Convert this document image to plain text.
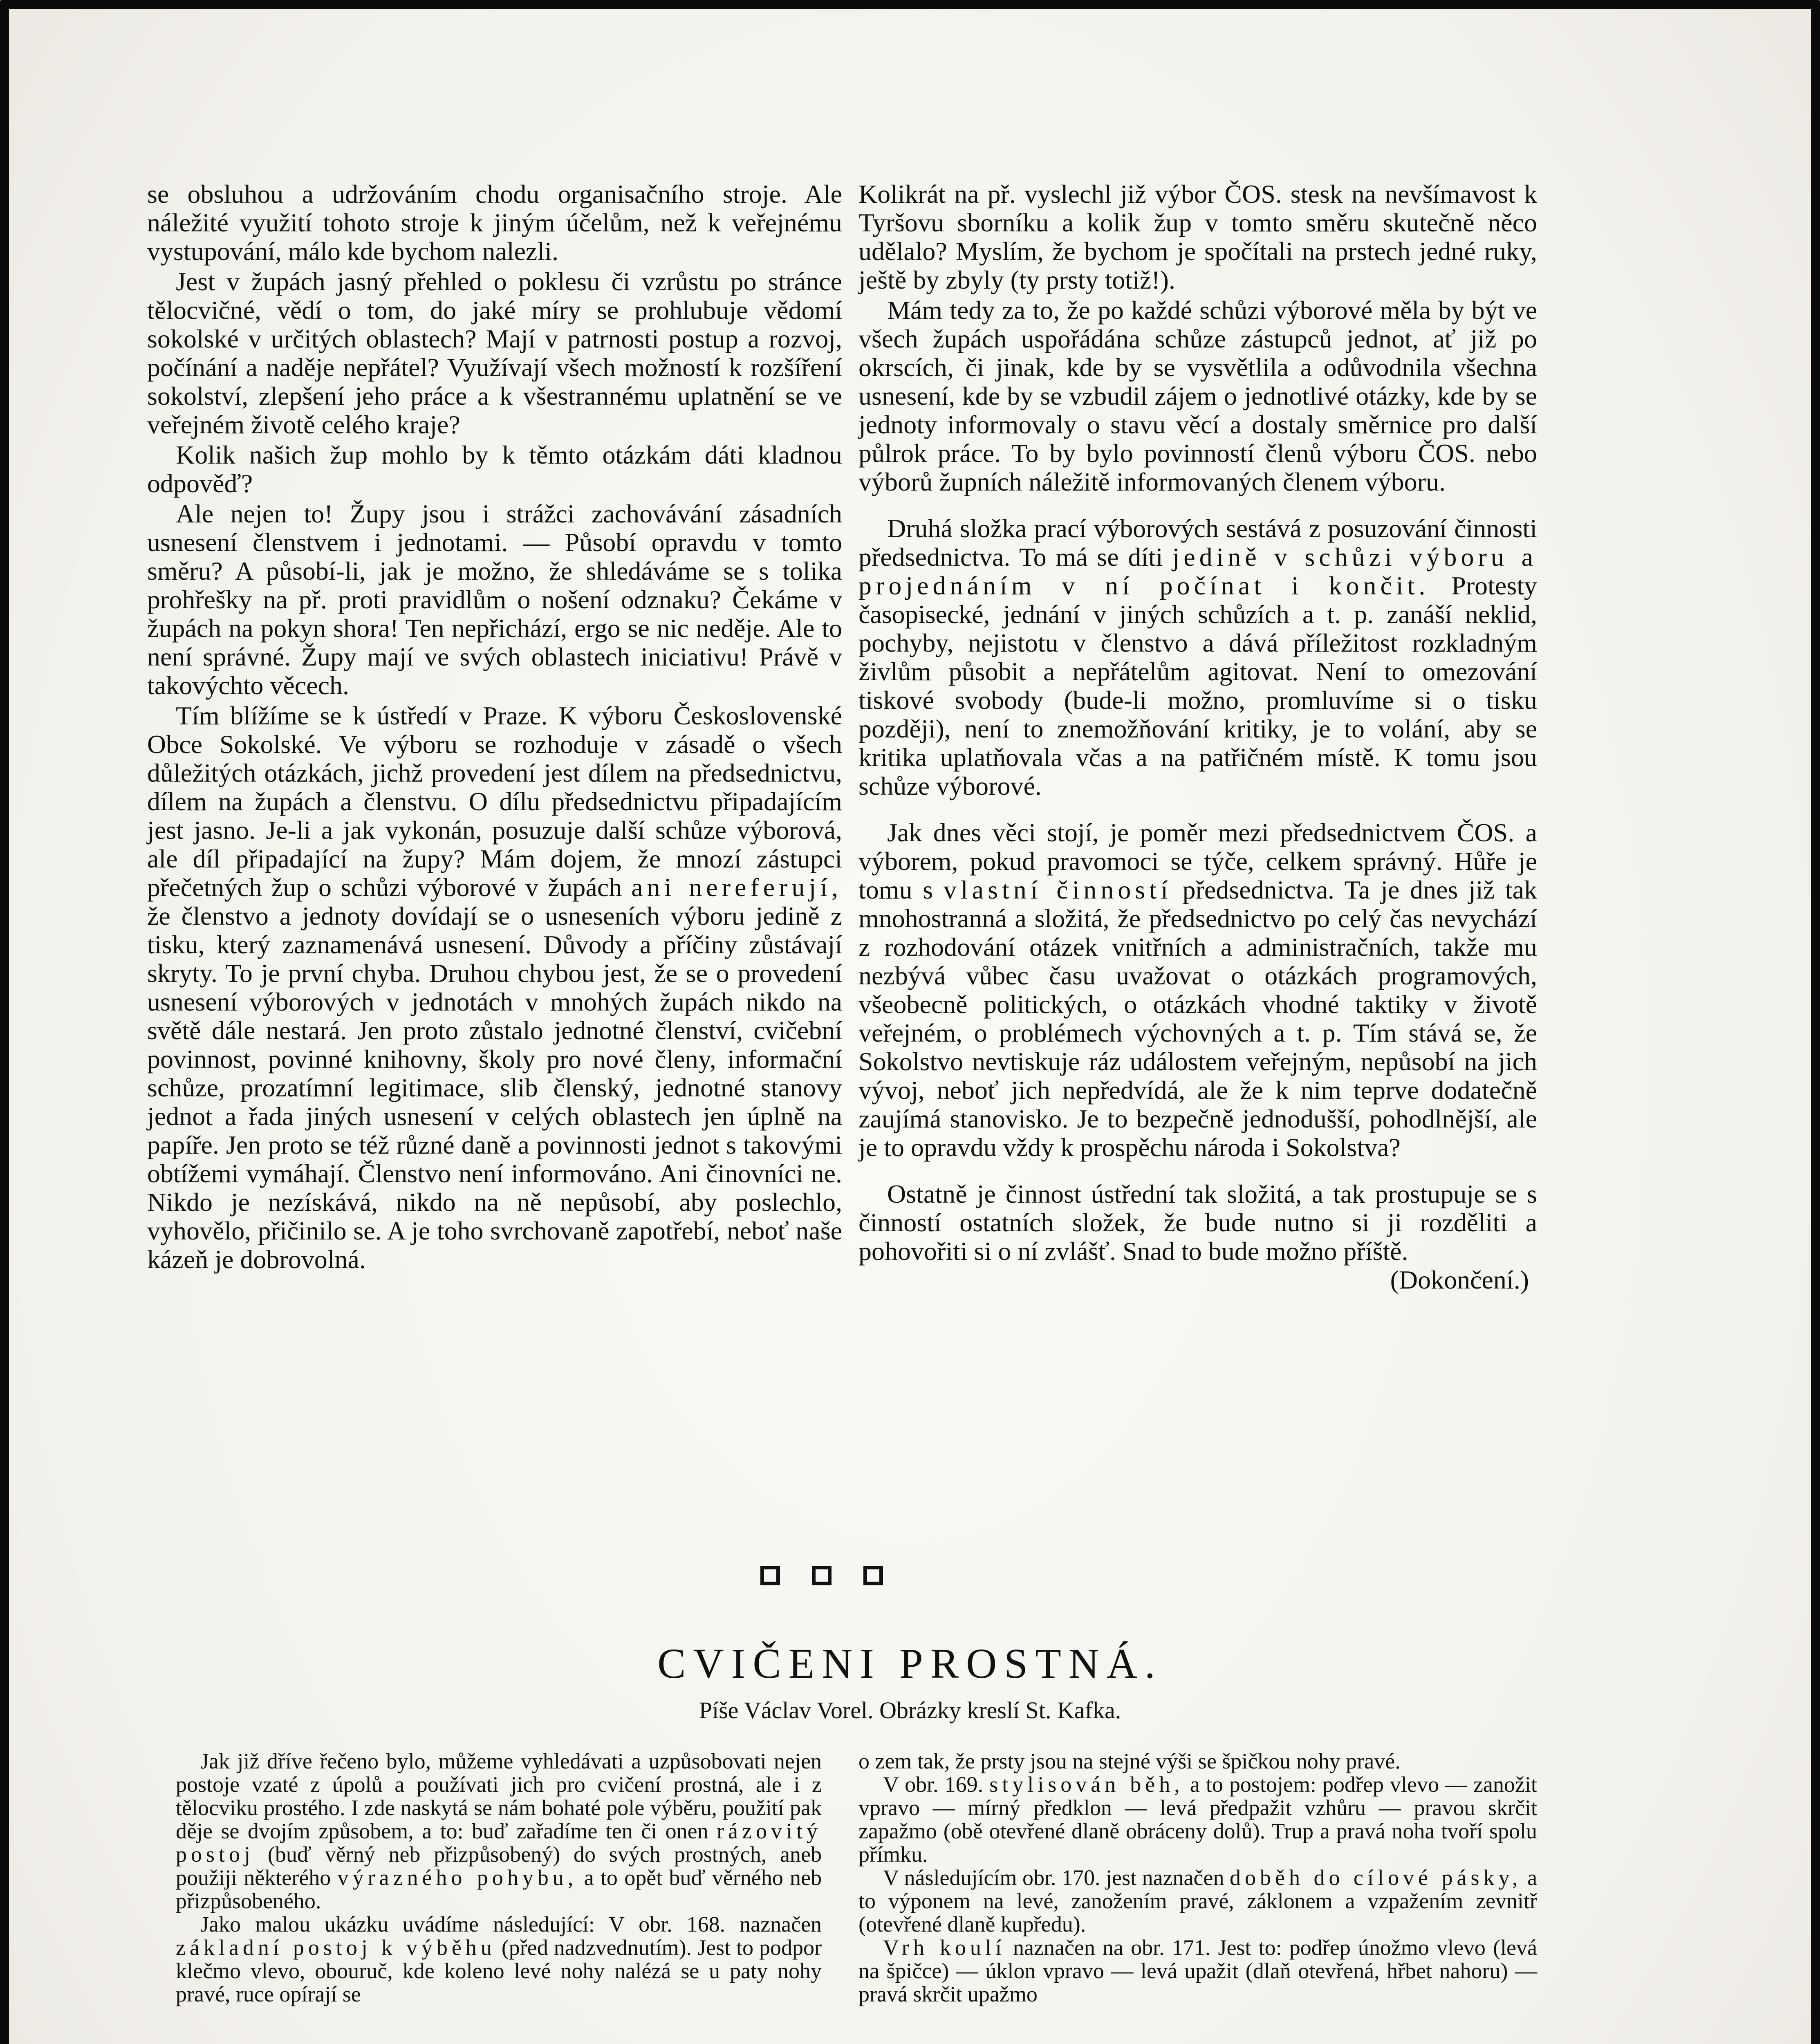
se obsluhou a udržováním chodu organisačního stroje. Ale náležité využití tohoto stroje k jiným účelům, než k veřejnému vystupování, málo kde bychom nalezli.

Jest v župách jasný přehled o poklesu či vzrůstu po stránce tělocvičné, vědí o tom, do jaké míry se prohlubuje vědomí sokolské v určitých oblastech? Mají v patrnosti postup a rozvoj, počínání a naděje nepřátel? Využívají všech možností k rozšíření sokolství, zlepšení jeho práce a k všestrannému uplatnění se ve veřejném životě celého kraje?

Kolik našich žup mohlo by k těmto otázkám dáti kladnou odpověď?

Ale nejen to! Župy jsou i strážci zachovávání zásadních usnesení členstvem i jednotami. — Působí opravdu v tomto směru? A působí-li, jak je možno, že shledáváme se s tolika prohřešky na př. proti pravidlům o nošení odznaku? Čekáme v župách na pokyn shora! Ten nepřichází, ergo se nic neděje. Ale to není správné. Župy mají ve svých oblastech iniciativu! Právě v takovýchto věcech.

Tím blížíme se k ústředí v Praze. K výboru Československé Obce Sokolské. Ve výboru se rozhoduje v zásadě o všech důležitých otázkách, jichž provedení jest dílem na předsednictvu, dílem na župách a členstvu. O dílu předsednictvu připadajícím jest jasno. Je-li a jak vykonán, posuzuje další schůze výborová, ale díl připadající na župy? Mám dojem, že mnozí zástupci přečetných žup o schůzi výborové v župách ani nereferují, že členstvo a jednoty dovídají se o usneseních výboru jedině z tisku, který zaznamenává usnesení. Důvody a příčiny zůstávají skryty. To je první chyba. Druhou chybou jest, že se o provedení usnesení výborových v jednotách v mnohých župách nikdo na světě dále nestará. Jen proto zůstalo jednotné členství, cvičební povinnost, povinné knihovny, školy pro nové členy, informační schůze, prozatímní legitimace, slib členský, jednotné stanovy jednot a řada jiných usnesení v celých oblastech jen úplně na papíře. Jen proto se též různé daně a povinnosti jednot s takovými obtížemi vymáhají. Členstvo není informováno. Ani činovníci ne. Nikdo je nezískává, nikdo na ně nepůsobí, aby poslechlo, vyhovělo, přičinilo se. A je toho svrchovaně zapotřebí, neboť naše kázeň je dobrovolná.

Kolikrát na př. vyslechl již výbor ČOS. stesk na nevšímavost k Tyršovu sborníku a kolik žup v tomto směru skutečně něco udělalo? Myslím, že bychom je spočítali na prstech jedné ruky, ještě by zbyly (ty prsty totiž!).

Mám tedy za to, že po každé schůzi výborové měla by být ve všech župách uspořádána schůze zástupců jednot, ať již po okrscích, či jinak, kde by se vysvětlila a odůvodnila všechna usnesení, kde by se vzbudil zájem o jednotlivé otázky, kde by se jednoty informovaly o stavu věcí a dostaly směrnice pro další půlrok práce. To by bylo povinností členů výboru ČOS. nebo výborů župních náležitě informovaných členem výboru.

Druhá složka prací výborových sestává z posuzování činnosti předsednictva. To má se díti jedině v schůzi výboru a projednáním v ní počínat i končit. Protesty časopisecké, jednání v jiných schůzích a t. p. zanáší neklid, pochyby, nejistotu v členstvo a dává příležitost rozkladným živlům působit a nepřátelům agitovat. Není to omezování tiskové svobody (bude-li možno, promluvíme si o tisku později), není to znemožňování kritiky, je to volání, aby se kritika uplatňovala včas a na patřičném místě. K tomu jsou schůze výborové.

Jak dnes věci stojí, je poměr mezi předsednictvem ČOS. a výborem, pokud pravomoci se týče, celkem správný. Hůře je tomu s vlastní činností předsednictva. Ta je dnes již tak mnohostranná a složitá, že předsednictvo po celý čas nevychází z rozhodování otázek vnitřních a administračních, takže mu nezbývá vůbec času uvažovat o otázkách programových, všeobecně politických, o otázkách vhodné taktiky v životě veřejném, o problémech výchovných a t. p. Tím stává se, že Sokolstvo nevtiskuje ráz událostem veřejným, nepůsobí na jich vývoj, neboť jich nepředvídá, ale že k nim teprve dodatečně zaujímá stanovisko. Je to bezpečně jednodušší, pohodlnější, ale je to opravdu vždy k prospěchu národa i Sokolstva?

Ostatně je činnost ústřední tak složitá, a tak prostupuje se s činností ostatních složek, že bude nutno si ji rozděliti a pohovořiti si o ní zvlášť. Snad to bude možno příště.
(Dokončení.)

CVIČENI PROSTNÁ.
Píše Václav Vorel. Obrázky kreslí St. Kafka.

Jak již dříve řečeno bylo, můžeme vyhledávati a uzpůsobovati nejen postoje vzaté z úpolů a používati jich pro cvičení prostná, ale i z tělocviku prostého. I zde naskytá se nám bohaté pole výběru, použití pak děje se dvojím způsobem, a to: buď zařadíme ten či onen rázovitý postoj (buď věrný neb přizpůsobený) do svých prostných, aneb použiji některého výrazného pohybu, a to opět buď věrného neb přizpůsobeného.

Jako malou ukázku uvádíme následující: V obr. 168. naznačen základní postoj k výběhu (před nadzvednutím). Jest to podpor klečmo vlevo, obouruč, kde koleno levé nohy nalézá se u paty nohy pravé, ruce opírají se

o zem tak, že prsty jsou na stejné výši se špičkou nohy pravé.

V obr. 169. stylisován běh, a to postojem: podřep vlevo — zanožit vpravo — mírný předklon — levá předpažit vzhůru — pravou skrčit zapažmo (obě otevřené dlaně obráceny dolů). Trup a pravá noha tvoří spolu přímku.

V následujícím obr. 170. jest naznačen doběh do cílové pásky, a to výponem na levé, zanožením pravé, záklonem a vzpažením zevnitř (otevřené dlaně kupředu).

Vrh koulí naznačen na obr. 171. Jest to: podřep únožmo vlevo (levá na špičce) — úklon vpravo — levá upažit (dlaň otevřená, hřbet nahoru) — pravá skrčit upažmo
